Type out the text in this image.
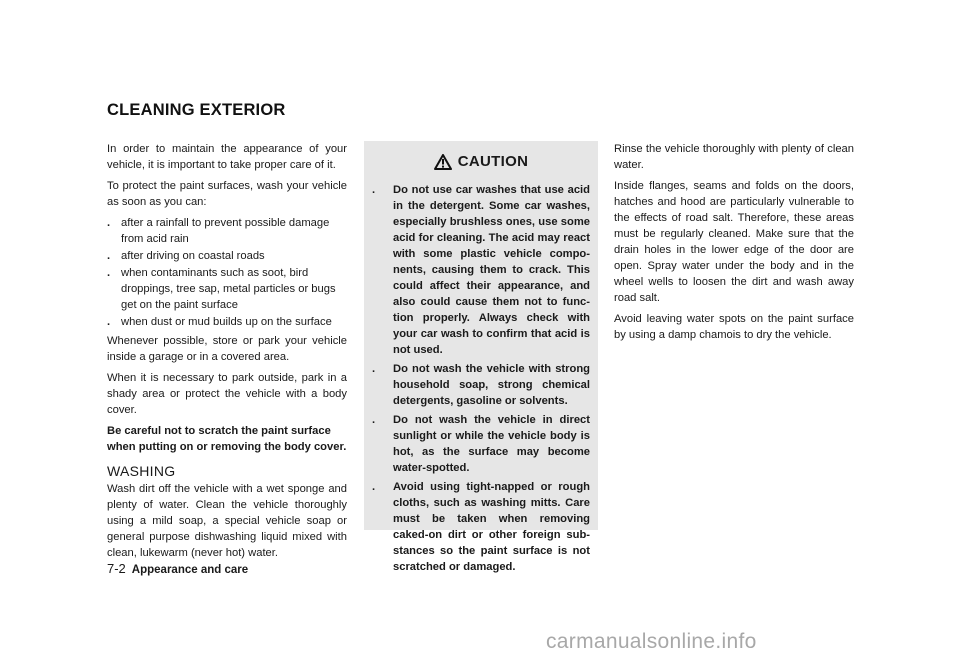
CLEANING EXTERIOR

In order to maintain the appearance of your vehicle, it is important to take proper care of it.

To protect the paint surfaces, wash your vehicle as soon as you can:

. after a rainfall to prevent possible damage from acid rain
. after driving on coastal roads
. when contaminants such as soot, bird droppings, tree sap, metal particles or bugs get on the paint surface
. when dust or mud builds up on the surface

Whenever possible, store or park your vehicle inside a garage or in a covered area.

When it is necessary to park outside, park in a shady area or protect the vehicle with a body cover.

Be careful not to scratch the paint surface when putting on or removing the body cover.

WASHING

Wash dirt off the vehicle with a wet sponge and plenty of water. Clean the vehicle thoroughly using a mild soap, a special vehicle soap or general purpose dishwashing liquid mixed with clean, lukewarm (never hot) water.

CAUTION
. Do not use car washes that use acid in the detergent. Some car washes, especially brushless ones, use some acid for cleaning. The acid may react with some plastic vehicle compo-nents, causing them to crack. This could affect their appearance, and also could cause them not to func-tion properly. Always check with your car wash to confirm that acid is not used.
. Do not wash the vehicle with strong household soap, strong chemical detergents, gasoline or solvents.
. Do not wash the vehicle in direct sunlight or while the vehicle body is hot, as the surface may become water-spotted.
. Avoid using tight-napped or rough cloths, such as washing mitts. Care must be taken when removing caked-on dirt or other foreign sub-stances so the paint surface is not scratched or damaged.

Rinse the vehicle thoroughly with plenty of clean water.

Inside flanges, seams and folds on the doors, hatches and hood are particularly vulnerable to the effects of road salt. Therefore, these areas must be regularly cleaned. Make sure that the drain holes in the lower edge of the door are open. Spray water under the body and in the wheel wells to loosen the dirt and wash away road salt.

Avoid leaving water spots on the paint surface by using a damp chamois to dry the vehicle.

7-2 Appearance and care
carmanualsonline.info
